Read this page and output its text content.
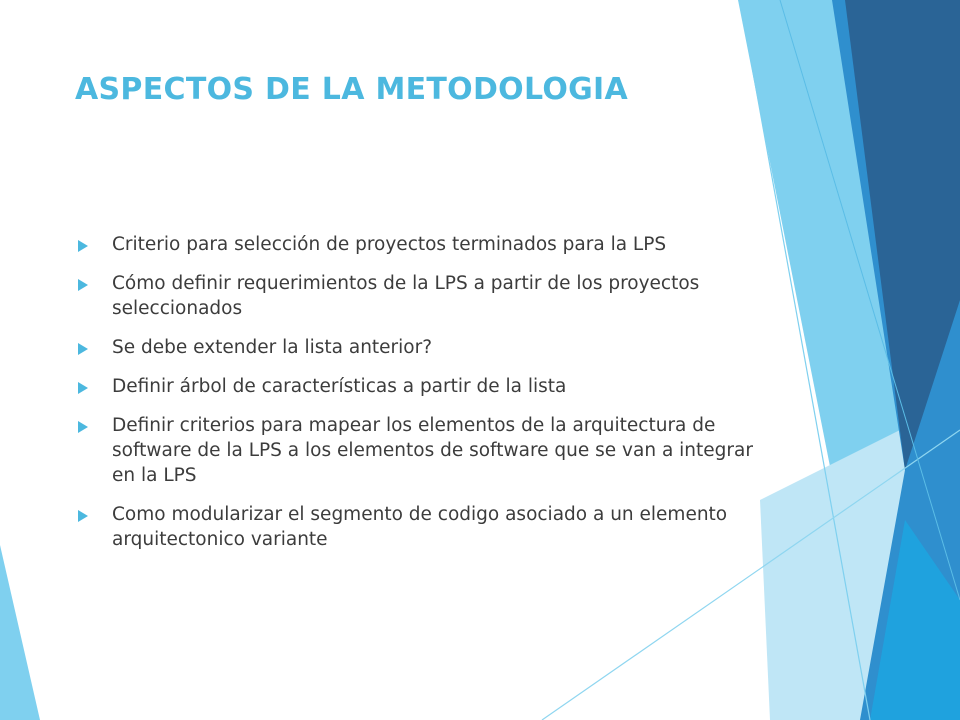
ASPECTOS DE LA METODOLOGIA
Criterio para selección de proyectos terminados para la LPS
Cómo definir requerimientos de la LPS a partir de los proyectos seleccionados
Se debe extender la lista anterior?
Definir árbol de características a partir de la lista
Definir criterios para mapear los elementos de la arquitectura de software de la LPS a los elementos de software que se van a integrar en la LPS
Como modularizar el segmento de codigo asociado a un elemento arquitectonico variante
